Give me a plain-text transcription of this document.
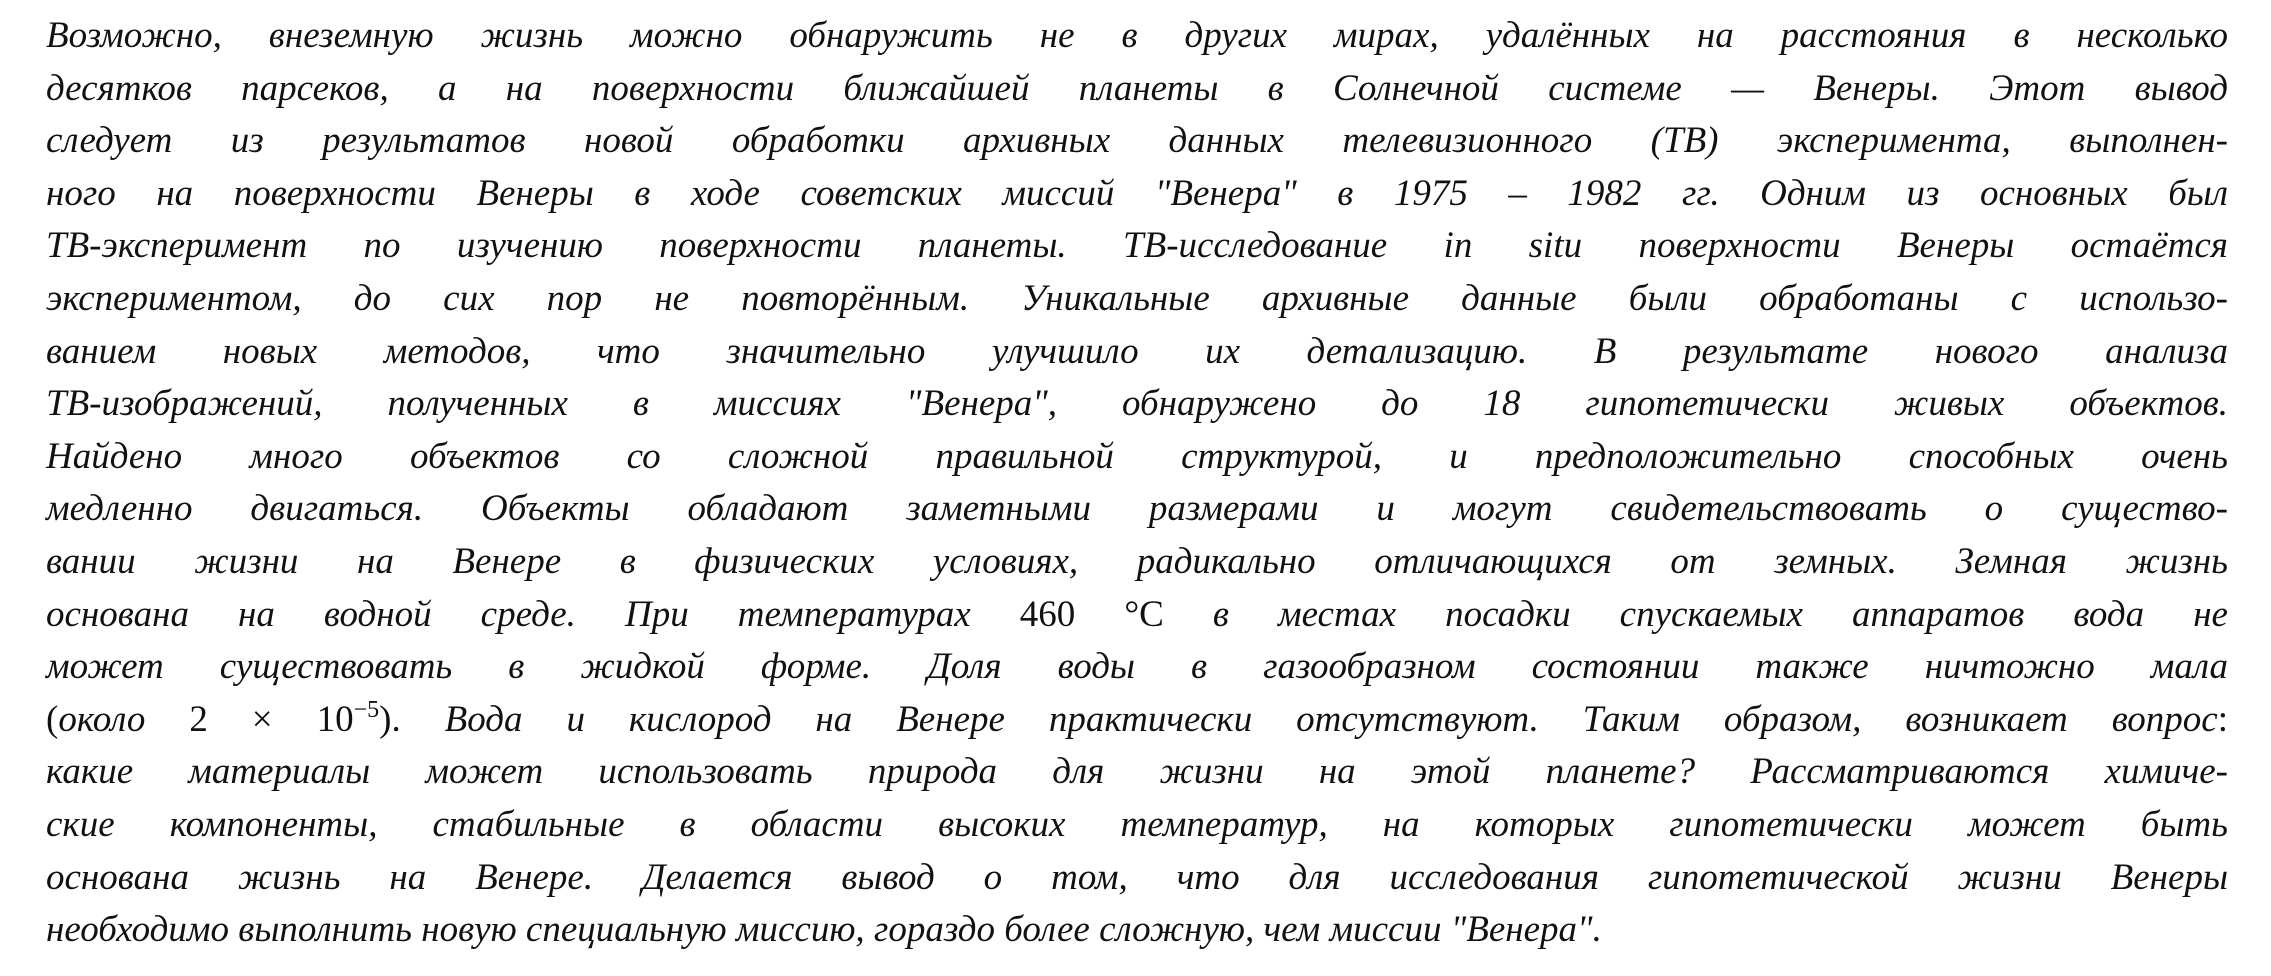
Возможно, внеземную жизнь можно обнаружить не в других мирах, удалённых на расстояния в несколько
десятков парсеков, а на поверхности ближайшей планеты в Солнечной системе — Венеры. Этот вывод
следует из результатов новой обработки архивных данных телевизионного (ТВ) эксперимента, выполнен-
ного на поверхности Венеры в ходе советских миссий "Венера" в 1975 – 1982 гг. Одним из основных был
ТВ-эксперимент по изучению поверхности планеты. ТВ-исследование in situ поверхности Венеры остаётся
экспериментом, до сих пор не повторённым. Уникальные архивные данные были обработаны с использо-
ванием новых методов, что значительно улучшило их детализацию. В результате нового анализа
ТВ-изображений, полученных в миссиях "Венера", обнаружено до 18 гипотетически живых объектов.
Найдено много объектов со сложной правильной структурой, и предположительно способных очень
медленно двигаться. Объекты обладают заметными размерами и могут свидетельствовать о существо-
вании жизни на Венере в физических условиях, радикально отличающихся от земных. Земная жизнь
основана на водной среде. При температурах 460 °C в местах посадки спускаемых аппаратов вода не
может существовать в жидкой форме. Доля воды в газообразном состоянии также ничтожно мала
(около $2 \times 10^{-5}$). Вода и кислород на Венере практически отсутствуют. Таким образом, возникает вопрос:
какие материалы может использовать природа для жизни на этой планете? Рассматриваются химиче-
ские компоненты, стабильные в области высоких температур, на которых гипотетически может быть
основана жизнь на Венере. Делается вывод о том, что для исследования гипотетической жизни Венеры
необходимо выполнить новую специальную миссию, гораздо более сложную, чем миссии "Венера".
